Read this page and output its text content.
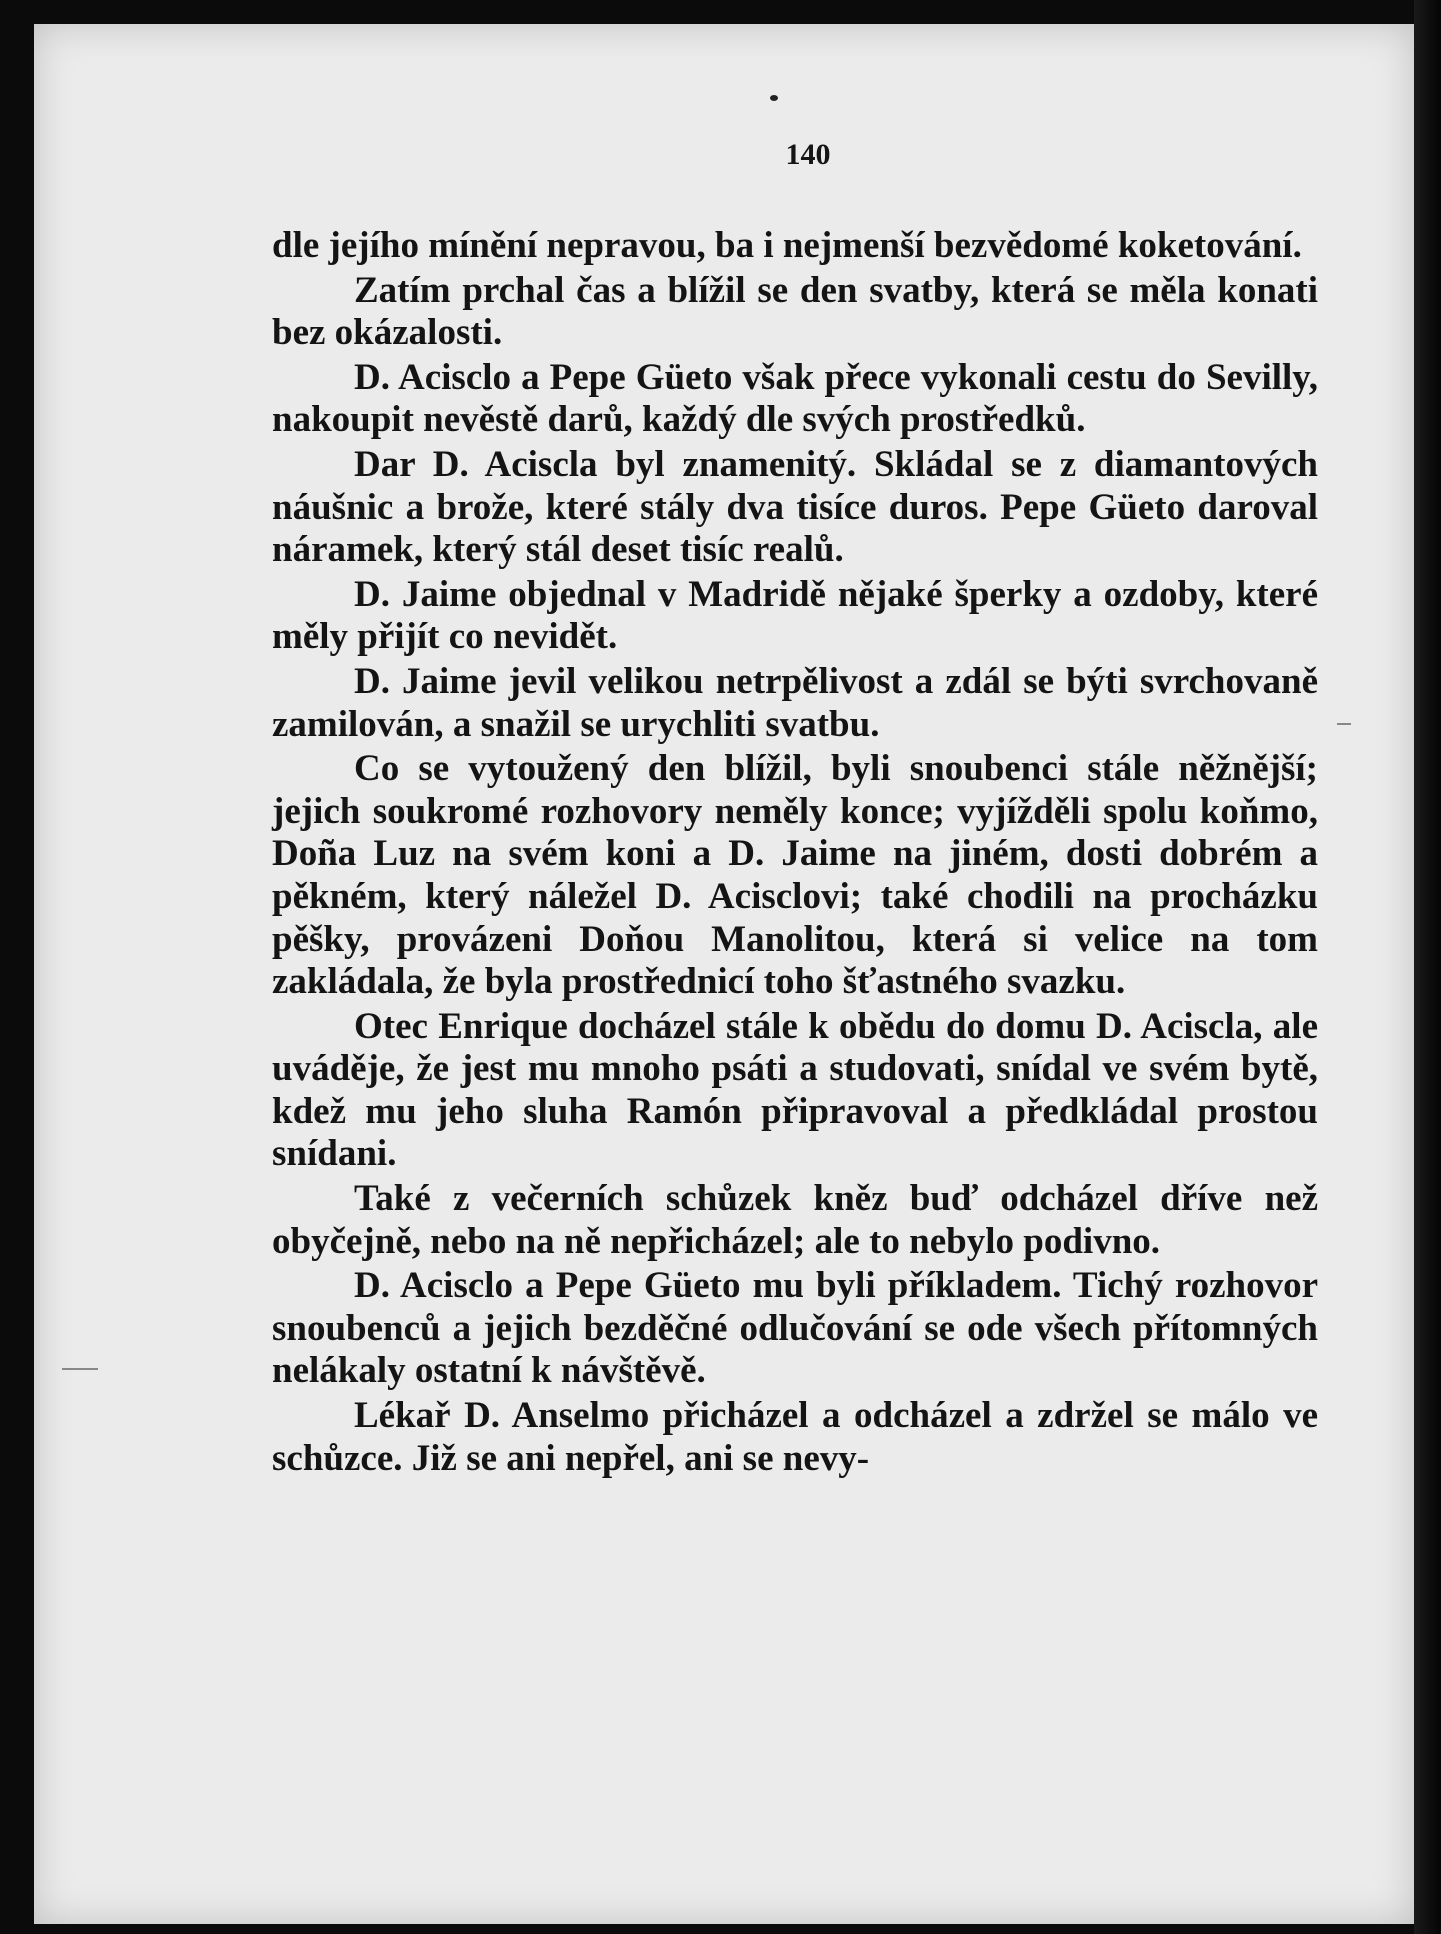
140

dle jejího mínění nepravou, ba i nejmenší bezvědomé koketování.

Zatím prchal čas a blížil se den svatby, která se měla konati bez okázalosti.

D. Acisclo a Pepe Güeto však přece vykonali cestu do Sevilly, nakoupit nevěstě darů, každý dle svých prostředků.

Dar D. Aciscla byl znamenitý. Skládal se z diamantových náušnic a brože, které stály dva tisíce duros. Pepe Güeto daroval náramek, který stál deset tisíc realů.

D. Jaime objednal v Madridě nějaké šperky a ozdoby, které měly přijít co nevidět.

D. Jaime jevil velikou netrpělivost a zdál se býti svrchovaně zamilován, a snažil se urychliti svatbu.

Co se vytoužený den blížil, byli snoubenci stále něžnější; jejich soukromé rozhovory neměly konce; vyjížděli spolu koňmo, Doña Luz na svém koni a D. Jaime na jiném, dosti dobrém a pěkném, který náležel D. Acisclovi; také chodili na procházku pěšky, provázeni Doňou Manolitou, která si velice na tom zakládala, že byla prostřednicí toho šťastného svazku.

Otec Enrique docházel stále k obědu do domu D. Aciscla, ale uváděje, že jest mu mnoho psáti a studovati, snídal ve svém bytě, kdež mu jeho sluha Ramón připravoval a předkládal prostou snídani.

Také z večerních schůzek kněz buď odcházel dříve než obyčejně, nebo na ně nepřicházel; ale to nebylo podivno.

D. Acisclo a Pepe Güeto mu byli příkladem. Tichý rozhovor snoubenců a jejich bezděčné odlučování se ode všech přítomných nelákaly ostatní k návštěvě.

Lékař D. Anselmo přicházel a odcházel a zdržel se málo ve schůzce. Již se ani nepřel, ani se nevy-
